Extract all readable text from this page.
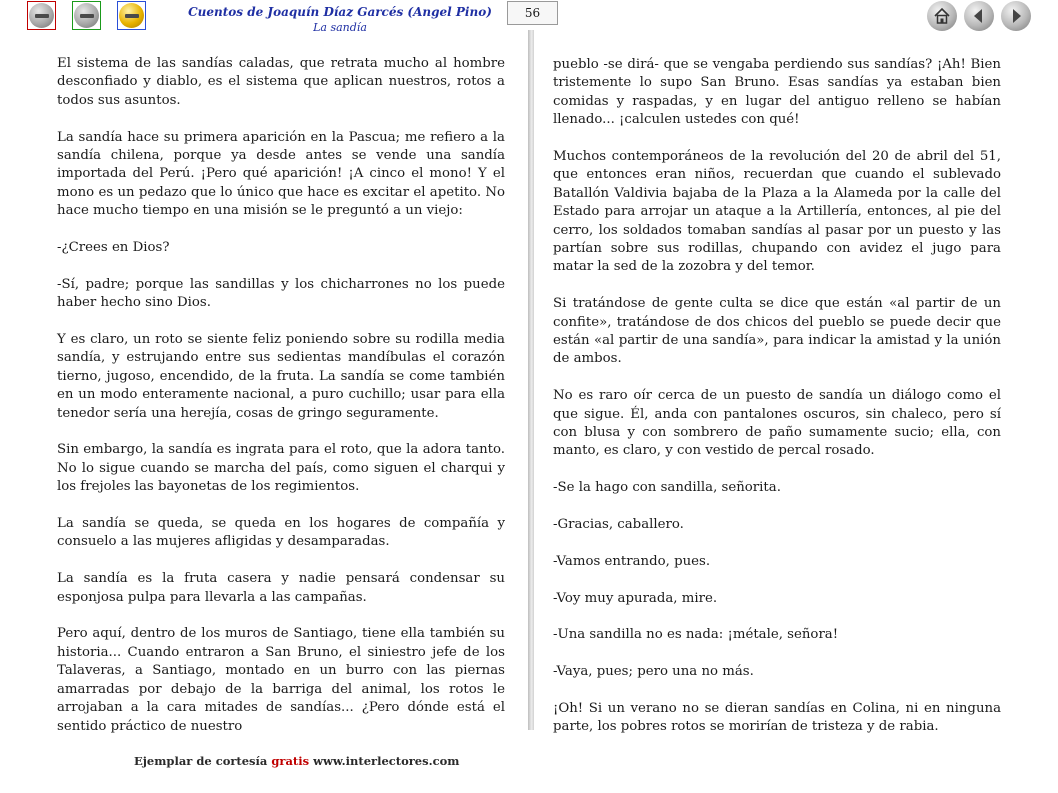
Cuentos de Joaquín Díaz Garcés (Angel Pino)
La sandía
56

El sistema de las sandías caladas, que retrata mucho al hombre desconfiado y diablo, es el sistema que aplican nuestros, rotos a todos sus asuntos.

La sandía hace su primera aparición en la Pascua; me refiero a la sandía chilena, porque ya desde antes se vende una sandía importada del Perú. ¡Pero qué aparición! ¡A cinco el mono! Y el mono es un pedazo que lo único que hace es excitar el apetito. No hace mucho tiempo en una misión se le preguntó a un viejo:

-¿Crees en Dios?

-Sí, padre; porque las sandillas y los chicharrones no los puede haber hecho sino Dios.

Y es claro, un roto se siente feliz poniendo sobre su rodilla media sandía, y estrujando entre sus sedientas mandíbulas el corazón tierno, jugoso, encendido, de la fruta. La sandía se come también en un modo enteramente nacional, a puro cuchillo; usar para ella tenedor sería una herejía, cosas de gringo seguramente.

Sin embargo, la sandía es ingrata para el roto, que la adora tanto. No lo sigue cuando se marcha del país, como siguen el charqui y los frejoles las bayonetas de los regimientos.

La sandía se queda, se queda en los hogares de compañía y consuelo a las mujeres afligidas y desamparadas.

La sandía es la fruta casera y nadie pensará condensar su esponjosa pulpa para llevarla a las campañas.

Pero aquí, dentro de los muros de Santiago, tiene ella también su historia... Cuando entraron a San Bruno, el siniestro jefe de los Talaveras, a Santiago, montado en un burro con las piernas amarradas por debajo de la barriga del animal, los rotos le arrojaban a la cara mitades de sandías... ¿Pero dónde está el sentido práctico de nuestro

pueblo -se dirá- que se vengaba perdiendo sus sandías? ¡Ah! Bien tristemente lo supo San Bruno. Esas sandías ya estaban bien comidas y raspadas, y en lugar del antiguo relleno se habían llenado... ¡calculen ustedes con qué!

Muchos contemporáneos de la revolución del 20 de abril del 51, que entonces eran niños, recuerdan que cuando el sublevado Batallón Valdivia bajaba de la Plaza a la Alameda por la calle del Estado para arrojar un ataque a la Artillería, entonces, al pie del cerro, los soldados tomaban sandías al pasar por un puesto y las partían sobre sus rodillas, chupando con avidez el jugo para matar la sed de la zozobra y del temor.

Si tratándose de gente culta se dice que están «al partir de un confite», tratándose de dos chicos del pueblo se puede decir que están «al partir de una sandía», para indicar la amistad y la unión de ambos.

No es raro oír cerca de un puesto de sandía un diálogo como el que sigue. Él, anda con pantalones oscuros, sin chaleco, pero sí con blusa y con sombrero de paño sumamente sucio; ella, con manto, es claro, y con vestido de percal rosado.

-Se la hago con sandilla, señorita.

-Gracias, caballero.

-Vamos entrando, pues.

-Voy muy apurada, mire.

-Una sandilla no es nada: ¡métale, señora!

-Vaya, pues; pero una no más.

¡Oh! Si un verano no se dieran sandías en Colina, ni en ninguna parte, los pobres rotos se morirían de tristeza y de rabia.

Ejemplar de cortesía gratis www.interlectores.com
